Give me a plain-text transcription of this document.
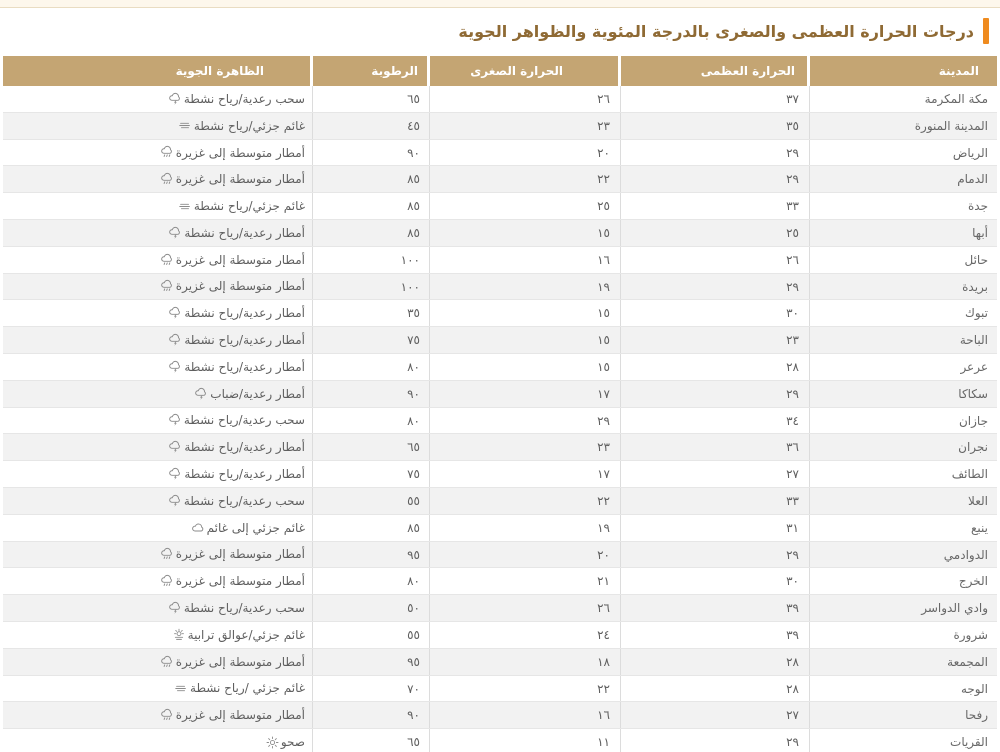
درجات الحرارة العظمى والصغرى بالدرجة المئوية والظواهر الجوية
المدينة
الحرارة العظمى
الحرارة الصغرى
الرطوبة
الظاهرة الجوية
مكة المكرمة
٣٧
٢٦
٦٥
سحب رعدية/رياح نشطة
المدينة المنورة
٣٥
٢٣
٤٥
غائم جزئي/رياح نشطة
الرياض
٢٩
٢٠
٩٠
أمطار متوسطة إلى غزيرة
الدمام
٢٩
٢٢
٨٥
أمطار متوسطة إلى غزيرة
جدة
٣٣
٢٥
٨٥
غائم جزئي/رياح نشطة
أبها
٢٥
١٥
٨٥
أمطار رعدية/رياح نشطة
حائل
٢٦
١٦
١٠٠
أمطار متوسطة إلى غزيرة
بريدة
٢٩
١٩
١٠٠
أمطار متوسطة إلى غزيرة
تبوك
٣٠
١٥
٣٥
أمطار رعدية/رياح نشطة
الباحة
٢٣
١٥
٧٥
أمطار رعدية/رياح نشطة
عرعر
٢٨
١٥
٨٠
أمطار رعدية/رياح نشطة
سكاكا
٢٩
١٧
٩٠
أمطار رعدية/ضباب
جازان
٣٤
٢٩
٨٠
سحب رعدية/رياح نشطة
نجران
٣٦
٢٣
٦٥
أمطار رعدية/رياح نشطة
الطائف
٢٧
١٧
٧٥
أمطار رعدية/رياح نشطة
العلا
٣٣
٢٢
٥٥
سحب رعدية/رياح نشطة
ينبع
٣١
١٩
٨٥
غائم جزئي إلى غائم
الدوادمي
٢٩
٢٠
٩٥
أمطار متوسطة إلى غزيرة
الخرج
٣٠
٢١
٨٠
أمطار متوسطة إلى غزيرة
وادي الدواسر
٣٩
٢٦
٥٠
سحب رعدية/رياح نشطة
شرورة
٣٩
٢٤
٥٥
غائم جزئي/عوالق ترابية
المجمعة
٢٨
١٨
٩٥
أمطار متوسطة إلى غزيرة
الوجه
٢٨
٢٢
٧٠
غائم جزئي /رياح نشطة
رفحا
٢٧
١٦
٩٠
أمطار متوسطة إلى غزيرة
القريات
٢٩
١١
٦٥
صحو
